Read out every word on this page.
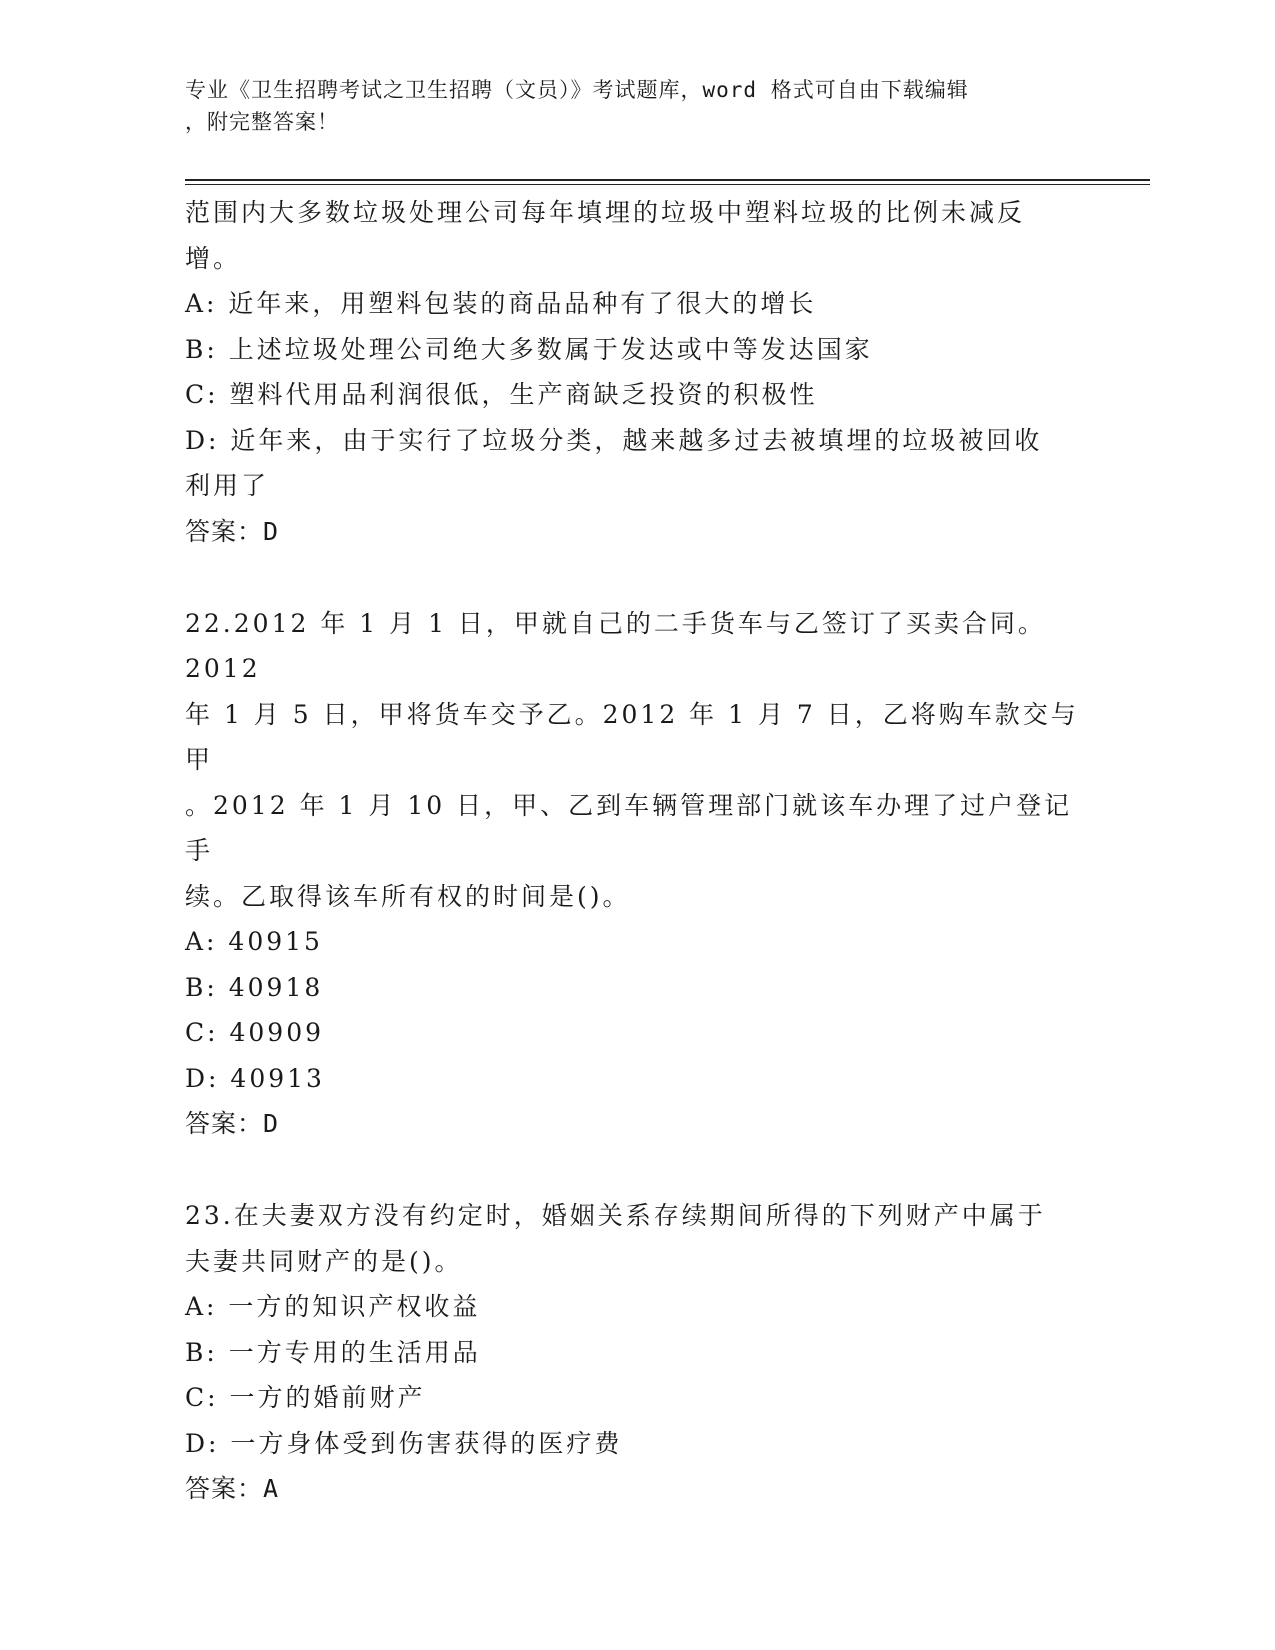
专业《卫生招聘考试之卫生招聘（文员）》考试题库，word 格式可自由下载编辑
，附完整答案！
范围内大多数垃圾处理公司每年填埋的垃圾中塑料垃圾的比例未减反
增。
A: 近年来，用塑料包装的商品品种有了很大的增长
B: 上述垃圾处理公司绝大多数属于发达或中等发达国家
C: 塑料代用品利润很低，生产商缺乏投资的积极性
D: 近年来，由于实行了垃圾分类，越来越多过去被填埋的垃圾被回收
利用了
答案：D
22.2012 年 1 月 1 日，甲就自己的二手货车与乙签订了买卖合同。2012
年 1 月 5 日，甲将货车交予乙。2012 年 1 月 7 日，乙将购车款交与甲
。2012 年 1 月 10 日，甲、乙到车辆管理部门就该车办理了过户登记手
续。乙取得该车所有权的时间是()。
A: 40915
B: 40918
C: 40909
D: 40913
答案：D
23.在夫妻双方没有约定时，婚姻关系存续期间所得的下列财产中属于
夫妻共同财产的是()。
A: 一方的知识产权收益
B: 一方专用的生活用品
C: 一方的婚前财产
D: 一方身体受到伤害获得的医疗费
答案：A
